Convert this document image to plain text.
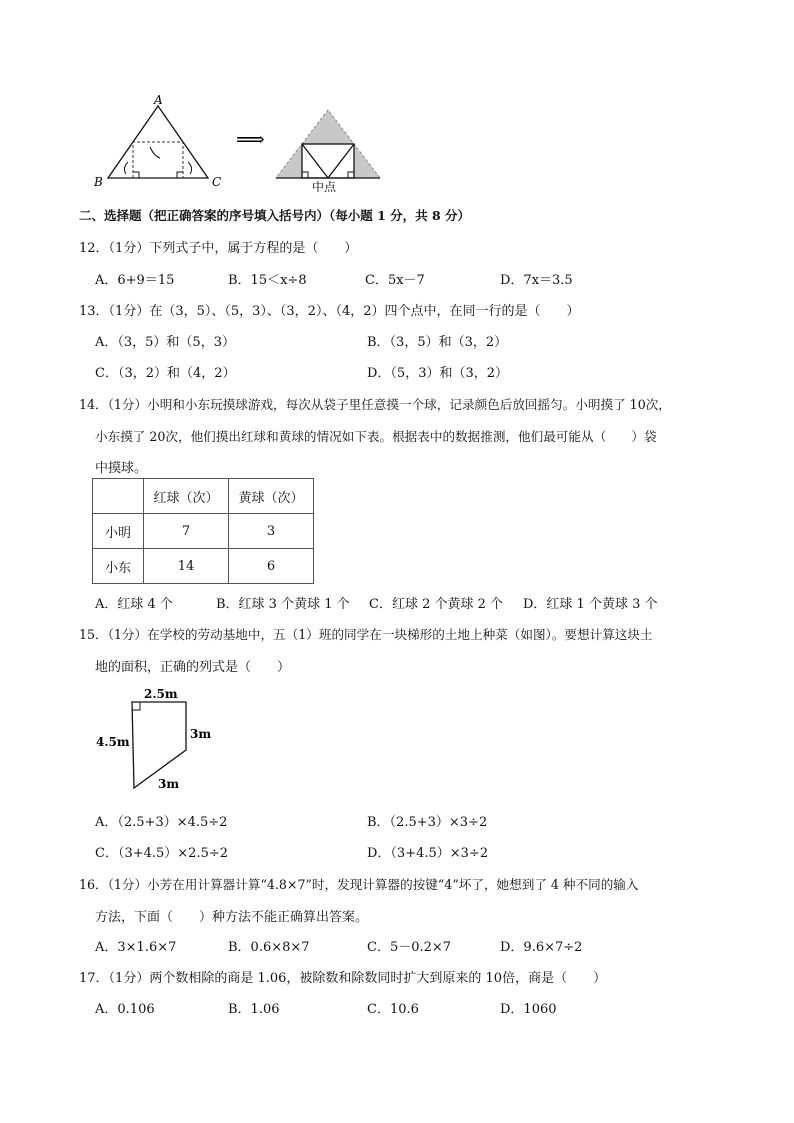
A
B	C
⟹
中点
二、选择题（把正确答案的序号填入括号内）（每小题 1 分，共 8 分）
12．（1分）下列式子中，属于方程的是（　　）
A．6+9＝15	B．15＜x÷8	C．5x－7	D．7x＝3.5
13．（1分）在（3，5）、（5，3）、（3，2）、（4，2）四个点中，在同一行的是（　　）
A．（3，5）和（5，3）	B．（3，5）和（3，2）
C．（3，2）和（4，2）	D．（5，3）和（3，2）
14．（1分）小明和小东玩摸球游戏，每次从袋子里任意摸一个球，记录颜色后放回摇匀。小明摸了 10次，
小东摸了 20次，他们摸出红球和黄球的情况如下表。根据表中的数据推测，他们最可能从（　　）袋
中摸球。
	红球（次）	黄球（次）
小明	7	3
小东	14	6
A．红球 4 个	B．红球 3 个黄球 1 个 C．红球 2 个黄球 2 个 D．红球 1 个黄球 3 个
15．（1分）在学校的劳动基地中，五（1）班的同学在一块梯形的土地上种菜（如图）。要想计算这块土
地的面积，正确的列式是（　　）
2.5m
4.5m
3m
3m
A．（2.5+3）×4.5÷2	B．（2.5+3）×3÷2
C．（3+4.5）×2.5÷2	D．（3+4.5）×3÷2
16．（1分）小芳在用计算器计算“4.8×7”时，发现计算器的按键“4”坏了，她想到了 4 种不同的输入
方法，下面（　　）种方法不能正确算出答案。
A．3×1.6×7	B．0.6×8×7	C．5－0.2×7	D．9.6×7÷2
17．（1分）两个数相除的商是 1.06，被除数和除数同时扩大到原来的 10倍，商是（　　）
A．0.106	B．1.06	C．10.6	D．1060
